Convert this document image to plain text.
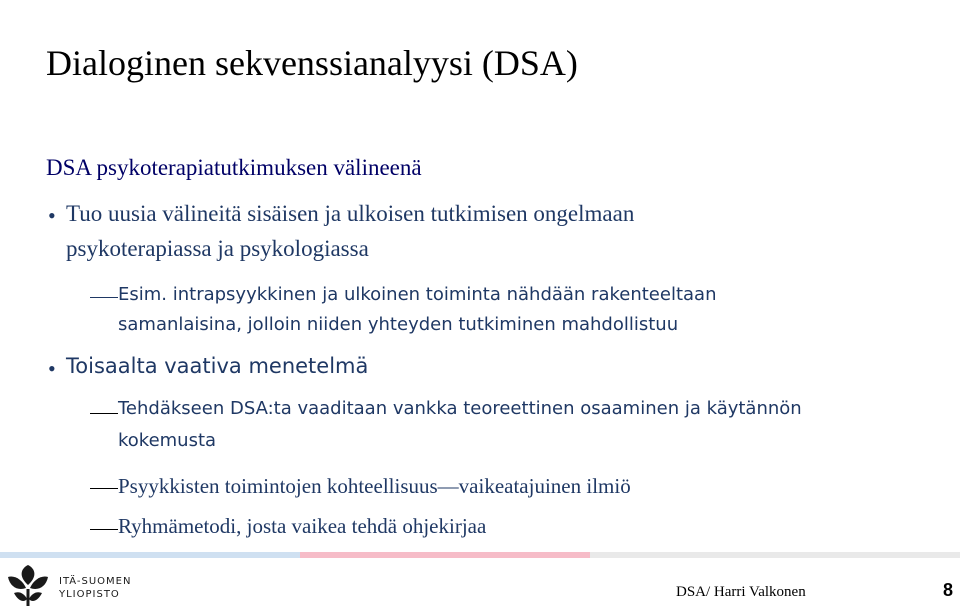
Dialoginen sekvenssianalyysi (DSA)
DSA psykoterapiatutkimuksen välineenä
• Tuo uusia välineitä sisäisen ja ulkoisen tutkimisen ongelmaan
psykoterapiassa ja psykologiassa
Esim. intrapsyykkinen ja ulkoinen toiminta nähdään rakenteeltaan
samanlaisina, jolloin niiden yhteyden tutkiminen mahdollistuu
• Toisaalta vaativa menetelmä
Tehdäkseen DSA:ta vaaditaan vankka teoreettinen osaaminen ja käytännön
kokemusta
Psyykkisten toimintojen kohteellisuus—vaikeatajuinen ilmiö
Ryhmämetodi, josta vaikea tehdä ohjekirjaa
ITÄ-SUOMEN
YLIOPISTO	DSA/ Harri Valkonen	8
